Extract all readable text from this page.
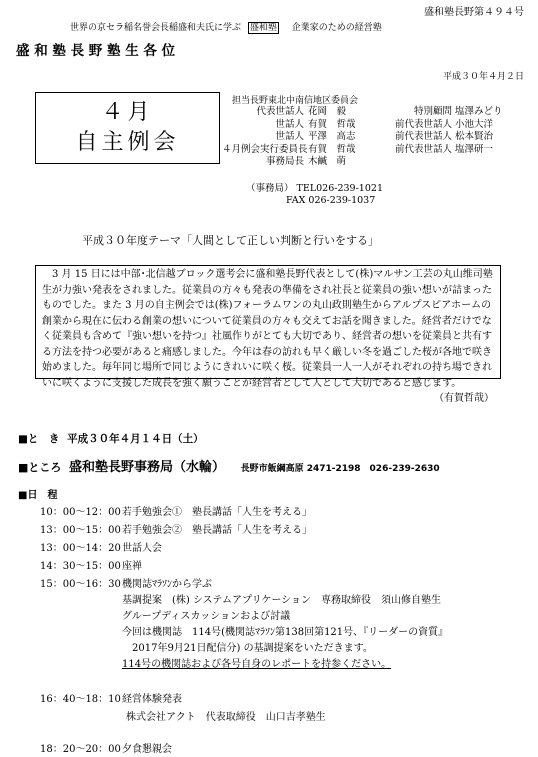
盛和塾長野第４９４号
世界の京セラ稲名誉会長稲盛和夫氏に学ぶ 盛和塾 企業家のための経営塾
盛 和 塾 長 野 塾 生 各 位
平成３０年４月２日
４月
自主例会
担当長野東北中南信地区委員会
代表世話人 花岡　毅
世話人 有賀　哲哉
世話人 平澤　高志
４月例会実行委員長有賀　哲哉
事務局長 木鹹　萌
特別顧問 塩澤みどり
前代表世話人 小池大洋
前代表世話人 松本賢治
前代表世話人 塩澤研一
（事務局） TEL026-239-1021
FAX 026-239-1037
平成３０年度テーマ「人間として正しい判断と行いをする」
3 月 15 日には中部･北信越ブロック選考会に盛和塾長野代表として(株)マルサン工芸の丸山维司塾生が力強い発表をされました。従業員の方々も発表の準備をされ社長と従業員の強い想いが詰まったものでした。また 3 月の自主例会では(株)フォーラムワンの丸山政則塾生からアルプスピアホームの創業から現在に伝わる創業の想いについて従業員の方々も交えてお話を聞きました。経営者だけでなく従業員も含めて『強い想いを持つ』社風作りがとても大切であり、経営者の想いを従業員と共有する方法を持つ必要があると痛感しました。今年は春の訪れも早く厳しい冬を過ごした桜が各地で咲き始めました。毎年同じ場所で同じようにきれいに咲く桜。従業員一人一人がそれぞれの持ち場できれいに咲くように支援した成長を強く願うことが経営者として人として大切であると感じます。
（有賀哲哉）
■と　き 平成３０年４月１４日（土）
■ところ 盛和塾長野事務局（水輪） 長野市飯綱高原 2471-2198　026-239-2630
■日　程
10：00～12：00若手勉強会①　塾長講話「人生を考える」
13：00～15：00若手勉強会②　塾長講話「人生を考える」
13：00～14：20世話人会
14：30～15：00座禅
15：00～16：30機関誌ﾏﾗｿﾝから学ぶ
基調提案　(株) システムアプリケーション　専務取締役　須山修自塾生
グループディスカッションおよび討議
今回は機関誌　114号(機関誌ﾏﾗｿﾝ第138回第121号、『リーダーの資質』
　2017年9月21日配信分) の基調提案をいただきます。
114号の機関誌および各号自身のレポートを持参ください。
16：40～18：10経営体験発表
株式会社アクト　代表取締役　山口吉孝塾生
18：20～20：00夕食懇親会
